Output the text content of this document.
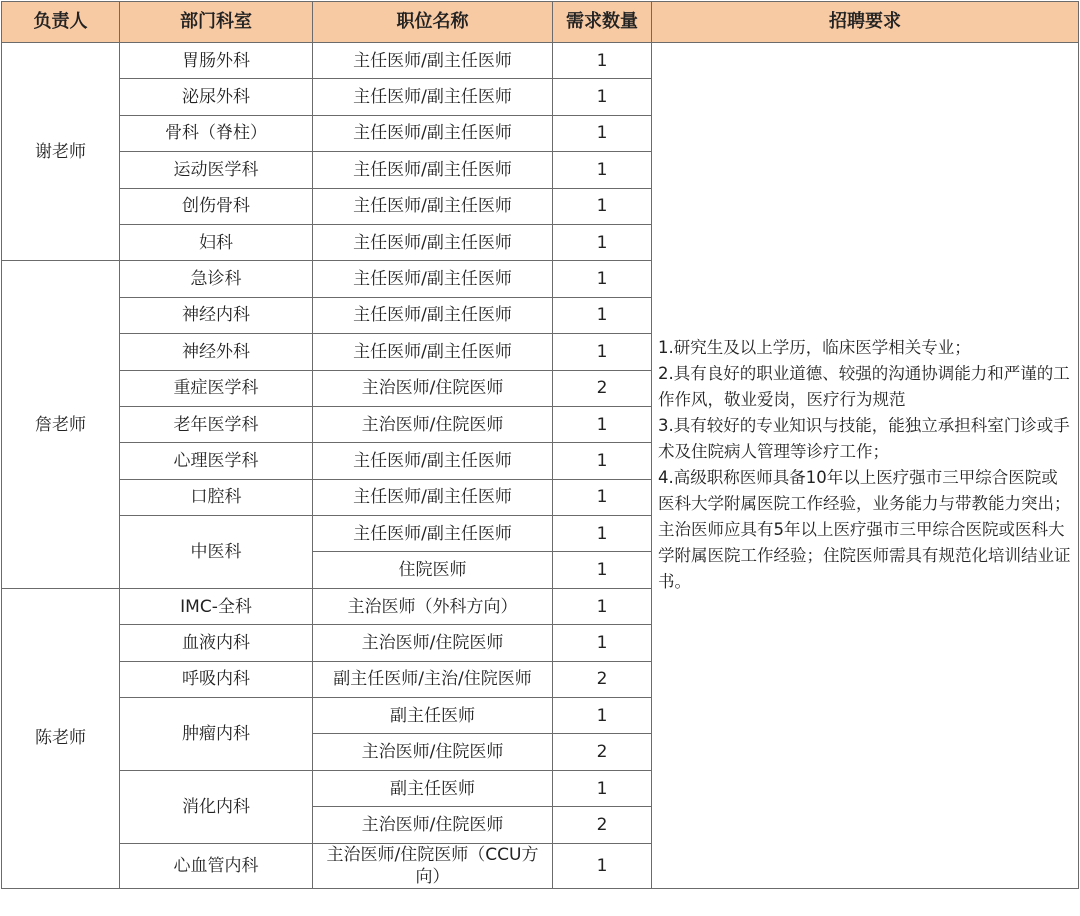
负责人	部门科室	职位名称	需求数量	招聘要求
谢老师	胃肠外科	主任医师/副主任医师	1	1.研究生及以上学历，临床医学相关专业；
2.具有良好的职业道德、较强的沟通协调能力和严谨的工作作风，敬业爱岗，医疗行为规范
3.具有较好的专业知识与技能，能独立承担科室门诊或手术及住院病人管理等诊疗工作；
4.高级职称医师具备10年以上医疗强市三甲综合医院或医科大学附属医院工作经验，业务能力与带教能力突出；主治医师应具有5年以上医疗强市三甲综合医院或医科大学附属医院工作经验；住院医师需具有规范化培训结业证书。

	泌尿外科	主任医师/副主任医师	1	
	骨科（脊柱）	主任医师/副主任医师	1	
	运动医学科	主任医师/副主任医师	1	
	创伤骨科	主任医师/副主任医师	1	
	妇科	主任医师/副主任医师	1	
詹老师	急诊科	主任医师/副主任医师	1	
	神经内科	主任医师/副主任医师	1	
	神经外科	主任医师/副主任医师	1	
	重症医学科	主治医师/住院医师	2	
	老年医学科	主治医师/住院医师	1	
	心理医学科	主任医师/副主任医师	1	
	口腔科	主任医师/副主任医师	1	
	中医科	主任医师/副主任医师	1	
		住院医师	1	
陈老师	IMC-全科	主治医师（外科方向）	1	
	血液内科	主治医师/住院医师	1	
	呼吸内科	副主任医师/主治/住院医师	2	
	肿瘤内科	副主任医师	1	
		主治医师/住院医师	2	
	消化内科	副主任医师	1	
		主治医师/住院医师	2	
	心血管内科	主治医师/住院医师（CCU方向）	1	
